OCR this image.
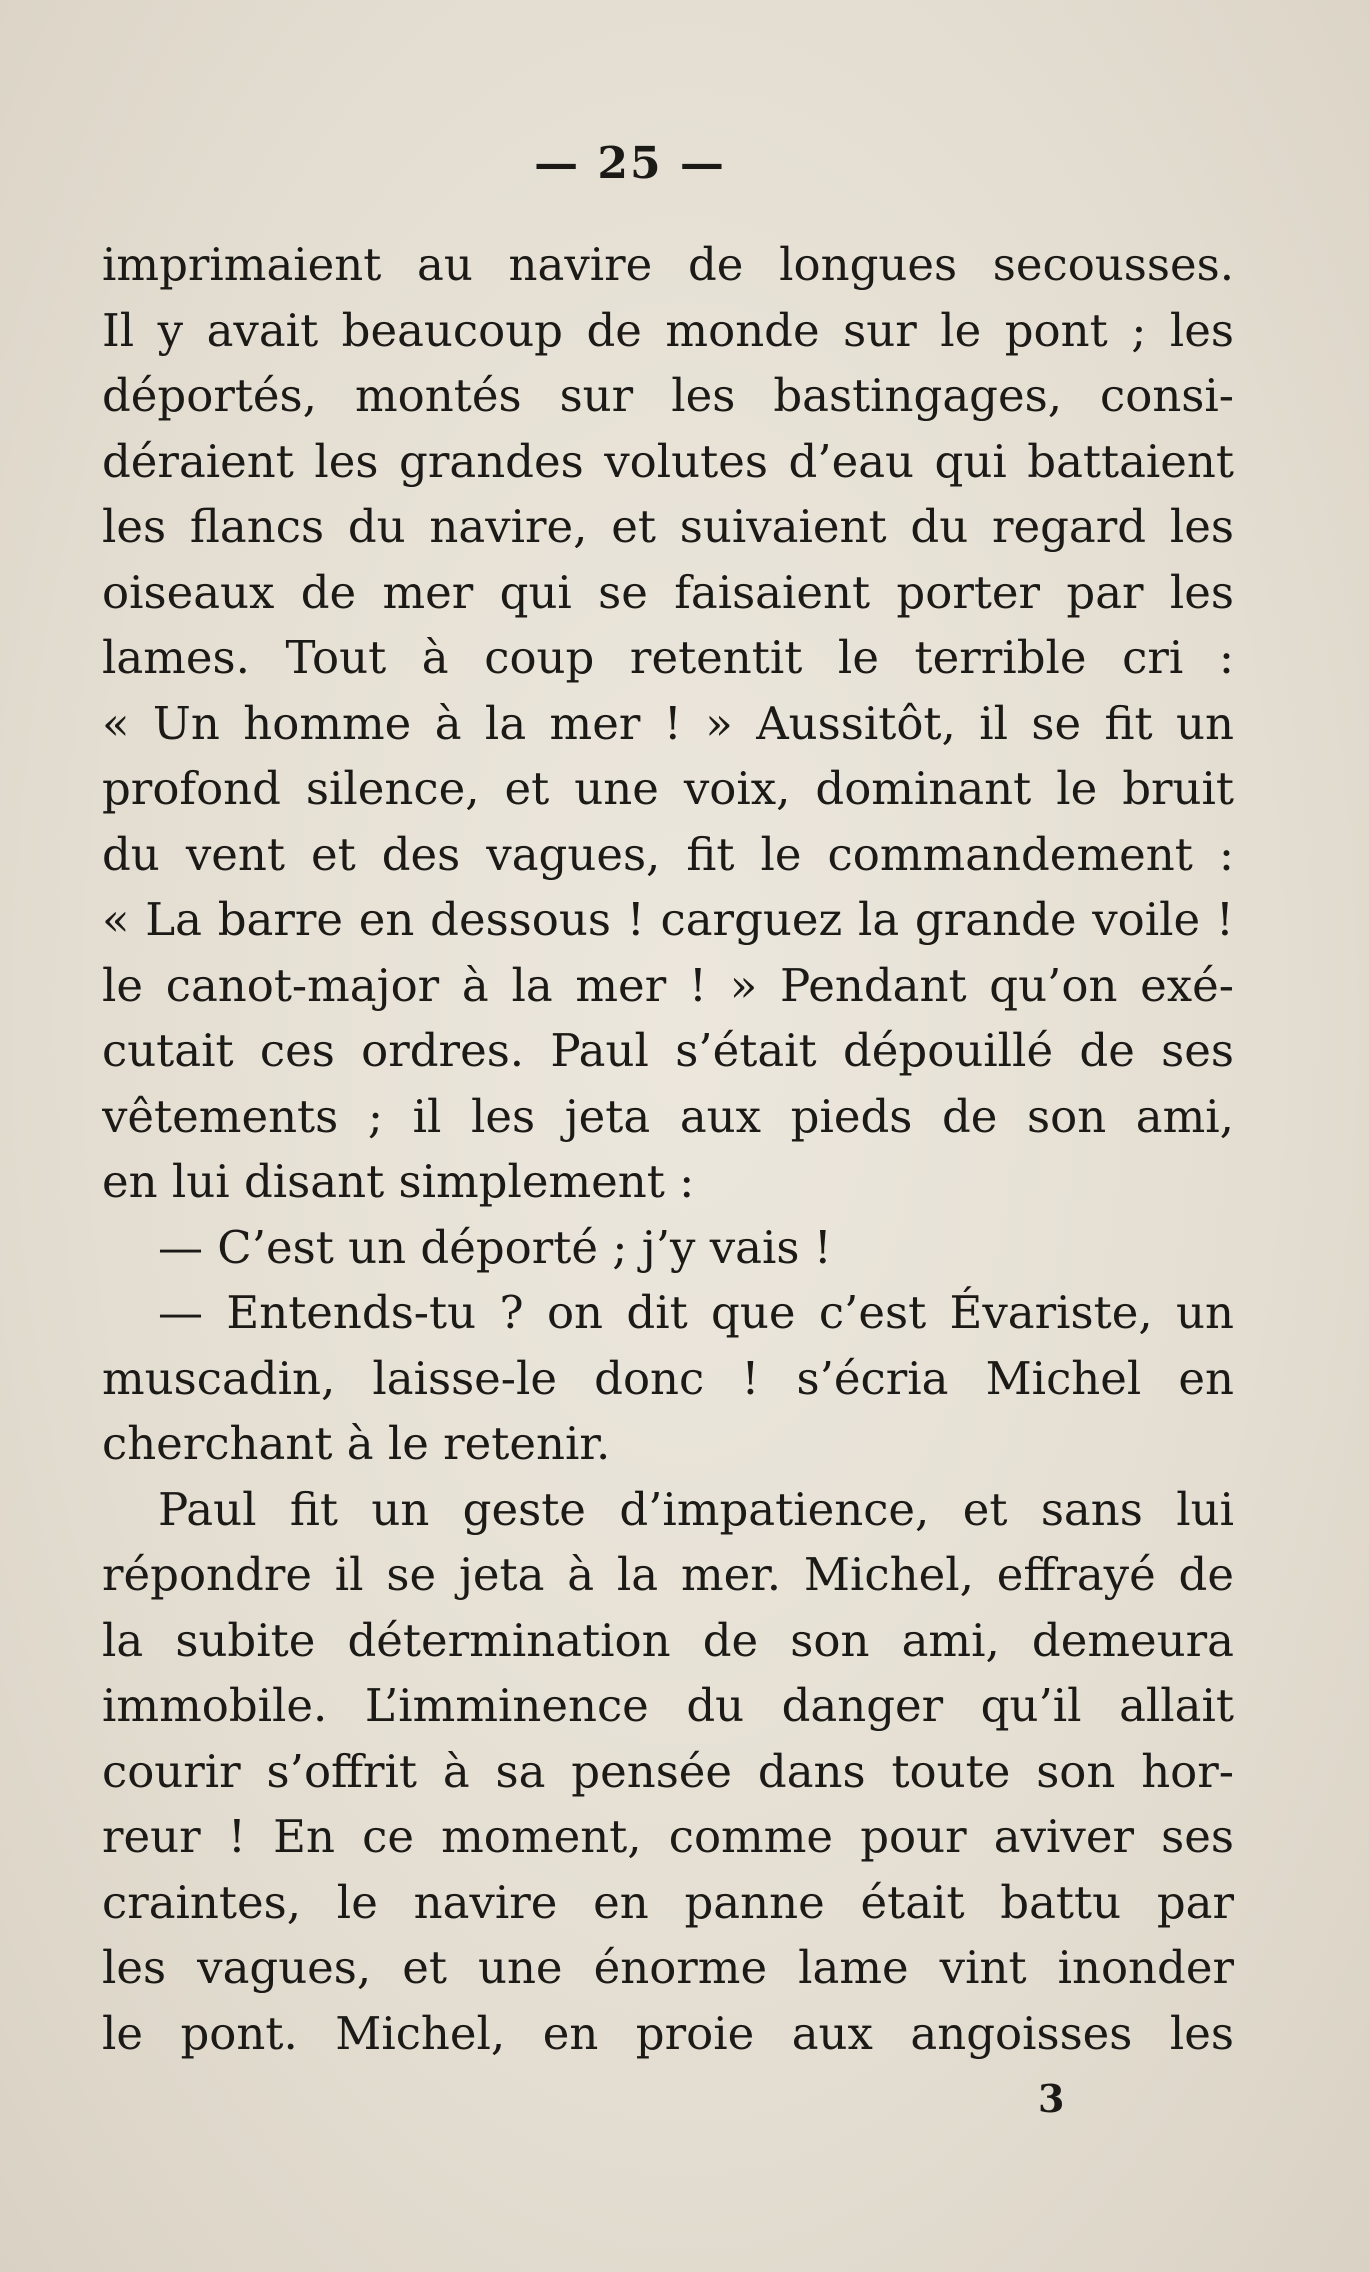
— 25 —
imprimaient au navire de longues secousses.
Il y avait beaucoup de monde sur le pont ; les
déportés, montés sur les bastingages, consi-
déraient les grandes volutes d’eau qui battaient
les flancs du navire, et suivaient du regard les
oiseaux de mer qui se faisaient porter par les
lames. Tout à coup retentit le terrible cri :
« Un homme à la mer ! » Aussitôt, il se fit un
profond silence, et une voix, dominant le bruit
du vent et des vagues, fit le commandement :
« La barre en dessous ! carguez la grande voile !
le canot-major à la mer ! » Pendant qu’on exé-
cutait ces ordres. Paul s’était dépouillé de ses
vêtements ; il les jeta aux pieds de son ami,
en lui disant simplement :
— C’est un déporté ; j’y vais !
— Entends-tu ? on dit que c’est Évariste, un
muscadin, laisse-le donc ! s’écria Michel en
cherchant à le retenir.
Paul fit un geste d’impatience, et sans lui
répondre il se jeta à la mer. Michel, effrayé de
la subite détermination de son ami, demeura
immobile. L’imminence du danger qu’il allait
courir s’offrit à sa pensée dans toute son hor-
reur ! En ce moment, comme pour aviver ses
craintes, le navire en panne était battu par
les vagues, et une énorme lame vint inonder
le pont. Michel, en proie aux angoisses les
3
